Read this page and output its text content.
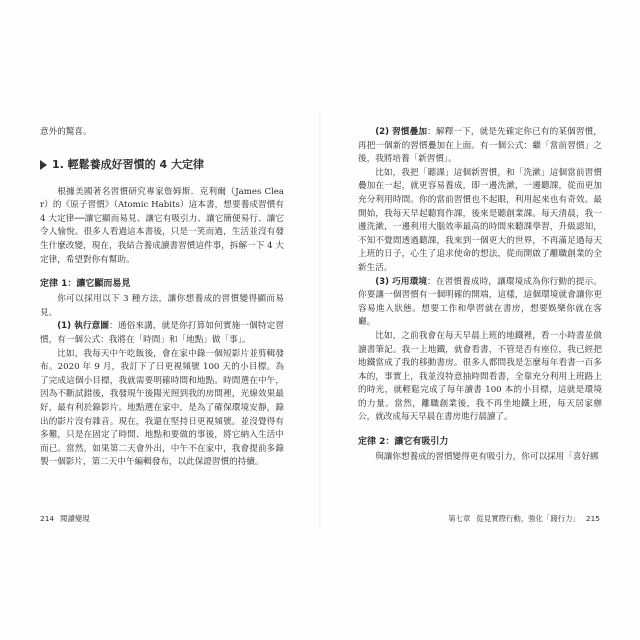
意外的驚喜。

1. 輕鬆養成好習慣的 4 大定律

根據美國著名習慣研究專家詹姆斯．克利爾（James Clear）的《原子習慣》（Atomic Habits）這本書，想要養成習慣有 4 大定律──讓它顯而易見、讓它有吸引力、讓它簡便易行、讓它令人愉悅。很多人看過這本書後，只是一笑而過，生活並沒有發生什麼改變，現在，我結合養成讀書習慣這件事，拆解一下 4 大定律，希望對你有幫助。

定律 1：讓它顯而易見

你可以採用以下 3 種方法，讓你想養成的習慣變得顯而易見。

(1) 執行意圖：通俗來講，就是你打算如何實施一個特定習慣，有一個公式：我將在「時間」和「地點」做「事」。

比如，我每天中午吃飯後，會在家中錄一個短影片並剪輯發布。2020 年 9 月，我訂下了日更視頻號 100 天的小目標。為了完成這個小目標，我就需要明確時間和地點。時間選在中午，因為不斷試錯後，我發現午後陽光照到我的房間裡，光線效果最好，最有利於錄影片。地點選在家中，是為了確保環境安靜，錄出的影片沒有雜音。現在，我還在堅持日更視頻號。並沒覺得有多難，只是在固定了時間、地點和要做的事後，將它納入生活中而已。當然，如果第二天會外出，中午不在家中，我會提前多錄製一個影片，第二天中午編輯發布，以此保證習慣的持續。

(2) 習慣疊加：解釋一下，就是先確定你已有的某個習慣，再把一個新的習慣疊加在上面。有一個公式：繼「當前習慣」之後，我將培養「新習慣」。

比如，我把「聽課」這個新習慣，和「洗漱」這個當前習慣疊加在一起，就更容易養成，即一邊洗漱，一邊聽課，從而更加充分利用時間。你的當前習慣也不起眼，利用起來也有奇效。最開始，我每天早起聽寫作課，後來是聽創業課。每天清晨，我一邊洗漱，一邊利用大腦效率最高的時間來聽課學習，升級認知，不知不覺間透過聽課，我來到一個更大的世界，不再滿足過每天上班的日子，心生了追求使命的想法，從而開啟了離職創業的全新生活。

(3) 巧用環境：在習慣養成時，讓環境成為你行動的提示。你要讓一個習慣有一個明確的開端，這樣，這個環境就會讓你更容易進入狀態。想要工作和學習就在書房，想要娛樂你就在客廳。

比如，之前我會在每天早晨上班的地鐵裡，看一小時書並做讀書筆記。我一上地鐵，就會看書，不管是否有座位，我已經把地鐵當成了我的移動書房。很多人都問我是怎麼每年看書一百多本的，事實上，我並沒特意抽時間看書，全靠充分利用上班路上的時光，就輕鬆完成了每年讀書 100 本的小目標，這就是環境的力量。當然，離職創業後，我不再坐地鐵上班，每天居家辦公，就改成每天早晨在書房進行晨讀了。

定律 2：讓它有吸引力

與讓你想養成的習慣變得更有吸引力，你可以採用「喜好綁

214 閱讀變現	第七章 從見實際行動，強化「踐行力」 215
